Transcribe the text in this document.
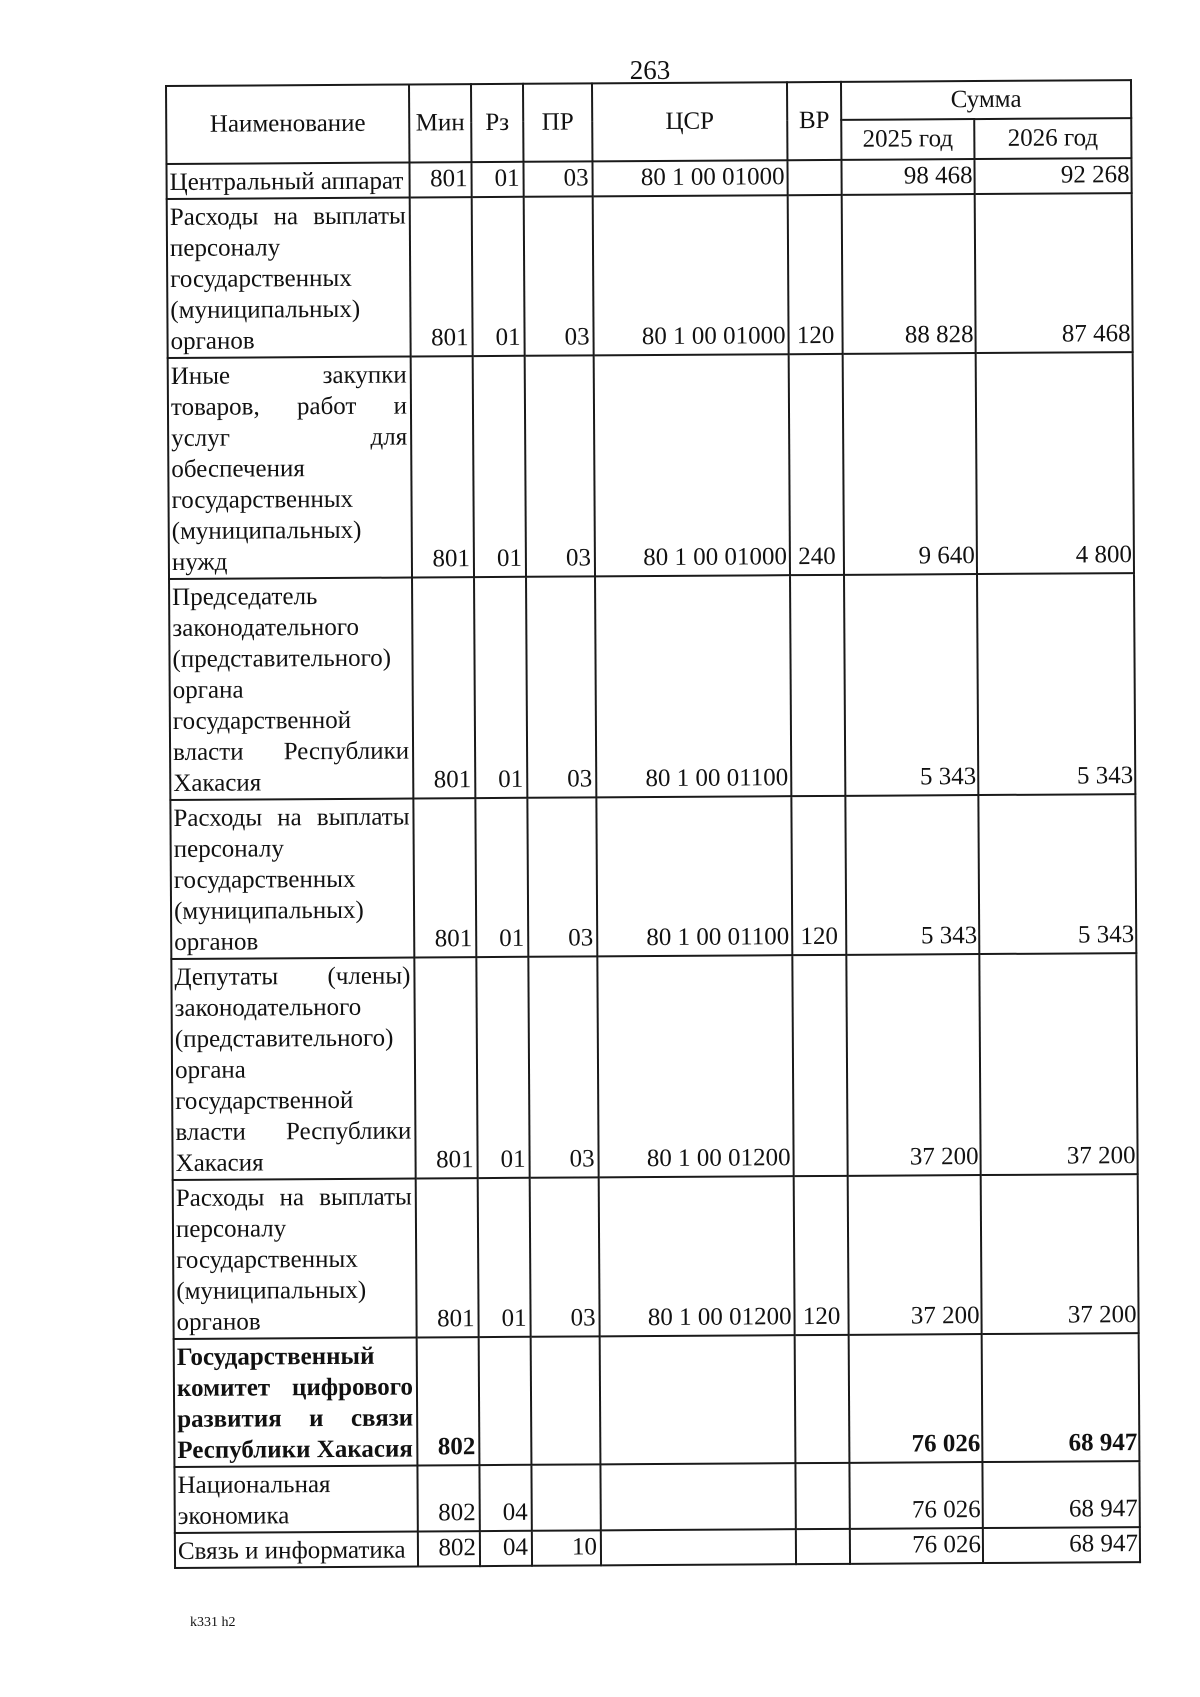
263
Наименование	Мин	Рз	ПР	ЦСР	ВР	Сумма	
						2025 год	2026 год
Центральный аппарат	801	01	03	80 1 00 01000		98 468	92 268
Расходы на выплаты персоналу государственных (муниципальных) органов	801	01	03	80 1 00 01000	120	88 828	87 468
Иные закупки товаров, работ и услуг для обеспечения государственных (муниципальных) нужд	801	01	03	80 1 00 01000	240	9 640	4 800
Председатель законодательного (представительного) органа государственной власти Республики Хакасия	801	01	03	80 1 00 01100		5 343	5 343
Расходы на выплаты персоналу государственных (муниципальных) органов	801	01	03	80 1 00 01100	120	5 343	5 343
Депутаты (члены) законодательного (представительного) органа государственной власти Республики Хакасия	801	01	03	80 1 00 01200		37 200	37 200
Расходы на выплаты персоналу государственных (муниципальных) органов	801	01	03	80 1 00 01200	120	37 200	37 200
Государственный комитет цифрового развития и связи Республики Хакасия	802					76 026	68 947
Национальная экономика	802	04				76 026	68 947
Связь и информатика	802	04	10			76 026	68 947
k331 h2
